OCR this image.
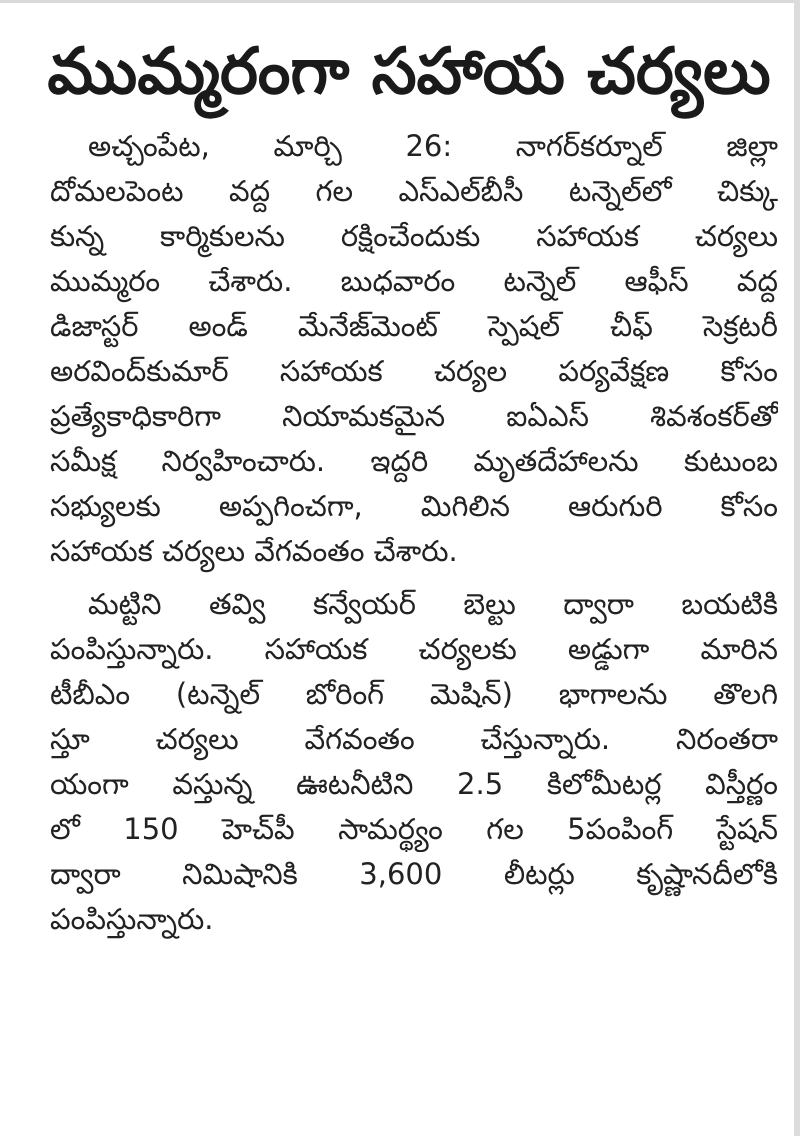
ముమ్మరంగా సహాయ చర్యలు
అచ్చంపేట, మార్చి 26: నాగర్‌కర్నూల్ జిల్లా
దోమలపెంట వద్ద గల ఎస్‌ఎల్‌బీసీ టన్నెల్‌లో చిక్కు
కున్న కార్మికులను రక్షించేందుకు సహాయక చర్యలు
ముమ్మరం చేశారు. బుధవారం టన్నెల్ ఆఫీస్ వద్ద
డిజాస్టర్ అండ్ మేనేజ్‌మెంట్ స్పెషల్ చీఫ్ సెక్రటరీ
అరవింద్‌కుమార్ సహాయక చర్యల పర్యవేక్షణ కోసం
ప్రత్యేకాధికారిగా నియామకమైన ఐఏఎస్ శివశంకర్‌తో
సమీక్ష నిర్వహించారు. ఇద్దరి మృతదేహాలను కుటుంబ
సభ్యులకు అప్పగించగా, మిగిలిన ఆరుగురి కోసం
సహాయక చర్యలు వేగవంతం చేశారు.
మట్టిని తవ్వి కన్వేయర్ బెల్టు ద్వారా బయటికి
పంపిస్తున్నారు. సహాయక చర్యలకు అడ్డుగా మారిన
టీబీఎం (టన్నెల్ బోరింగ్ మెషిన్) భాగాలను తొలగి
స్తూ చర్యలు వేగవంతం చేస్తున్నారు. నిరంతరా
యంగా వస్తున్న ఊటనీటిని 2.5 కిలోమీటర్ల విస్తీర్ణం
లో 150 హెచ్‌పీ సామర్థ్యం గల 5పంపింగ్ స్టేషన్
ద్వారా నిమిషానికి 3,600 లీటర్లు కృష్ణానదీలోకి
పంపిస్తున్నారు.
